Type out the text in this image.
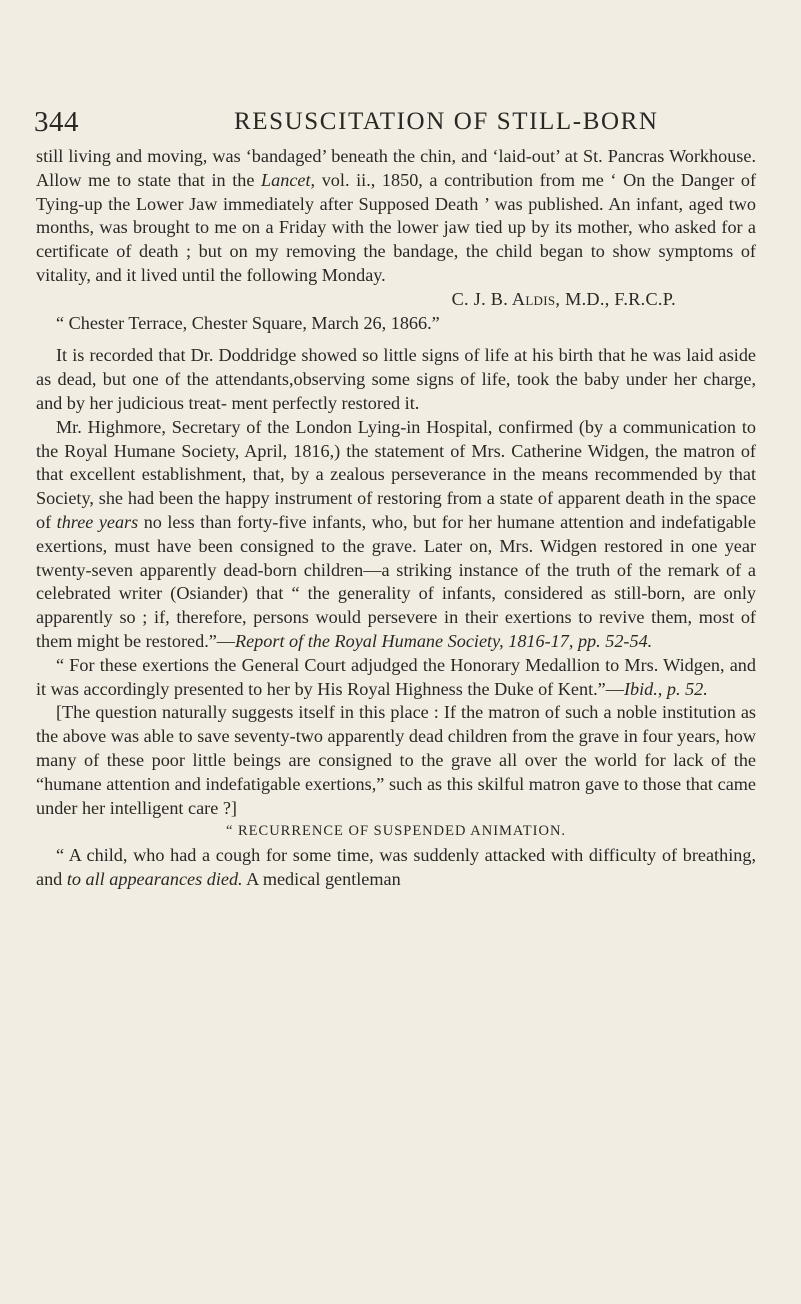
344	RESUSCITATION OF STILL-BORN

still living and moving, was ‘bandaged’ beneath the chin, and ‘laid-out’ at St. Pancras Workhouse. Allow me to state that in the Lancet, vol. ii., 1850, a contribution from me ‘ On the Danger of Tying-up the Lower Jaw immediately after Supposed Death ’ was published. An infant, aged two months, was brought to me on a Friday with the lower jaw tied up by its mother, who asked for a certificate of death ; but on my removing the bandage, the child began to show symptoms of vitality, and it lived until the following Monday.

C. J. B. Aldis, M.D., F.R.C.P.

“ Chester Terrace, Chester Square, March 26, 1866.”

It is recorded that Dr. Doddridge showed so little signs of life at his birth that he was laid aside as dead, but one of the attendants,observing some signs of life, took the baby under her charge, and by her judicious treat- ment perfectly restored it.

Mr. Highmore, Secretary of the London Lying-in Hospital, confirmed (by a communication to the Royal Humane Society, April, 1816,) the statement of Mrs. Catherine Widgen, the matron of that excellent establishment, that, by a zealous perseverance in the means recommended by that Society, she had been the happy instrument of restoring from a state of apparent death in the space of three years no less than forty-five infants, who, but for her humane attention and indefatigable exertions, must have been consigned to the grave. Later on, Mrs. Widgen restored in one year twenty-seven apparently dead-born children—a striking instance of the truth of the remark of a celebrated writer (Osiander) that “ the generality of infants, considered as still-born, are only apparently so ; if, therefore, persons would persevere in their exertions to revive them, most of them might be restored.”—Report of the Royal Humane Society, 1816-17, pp. 52-54.

“ For these exertions the General Court adjudged the Honorary Medallion to Mrs. Widgen, and it was accordingly presented to her by His Royal Highness the Duke of Kent.”—Ibid., p. 52.

[The question naturally suggests itself in this place : If the matron of such a noble institution as the above was able to save seventy-two apparently dead children from the grave in four years, how many of these poor little beings are consigned to the grave all over the world for lack of the “humane attention and indefatigable exertions,” such as this skilful matron gave to those that came under her intelligent care ?]

“ RECURRENCE OF SUSPENDED ANIMATION.

“ A child, who had a cough for some time, was suddenly attacked with difficulty of breathing, and to all appearances died. A medical gentleman
